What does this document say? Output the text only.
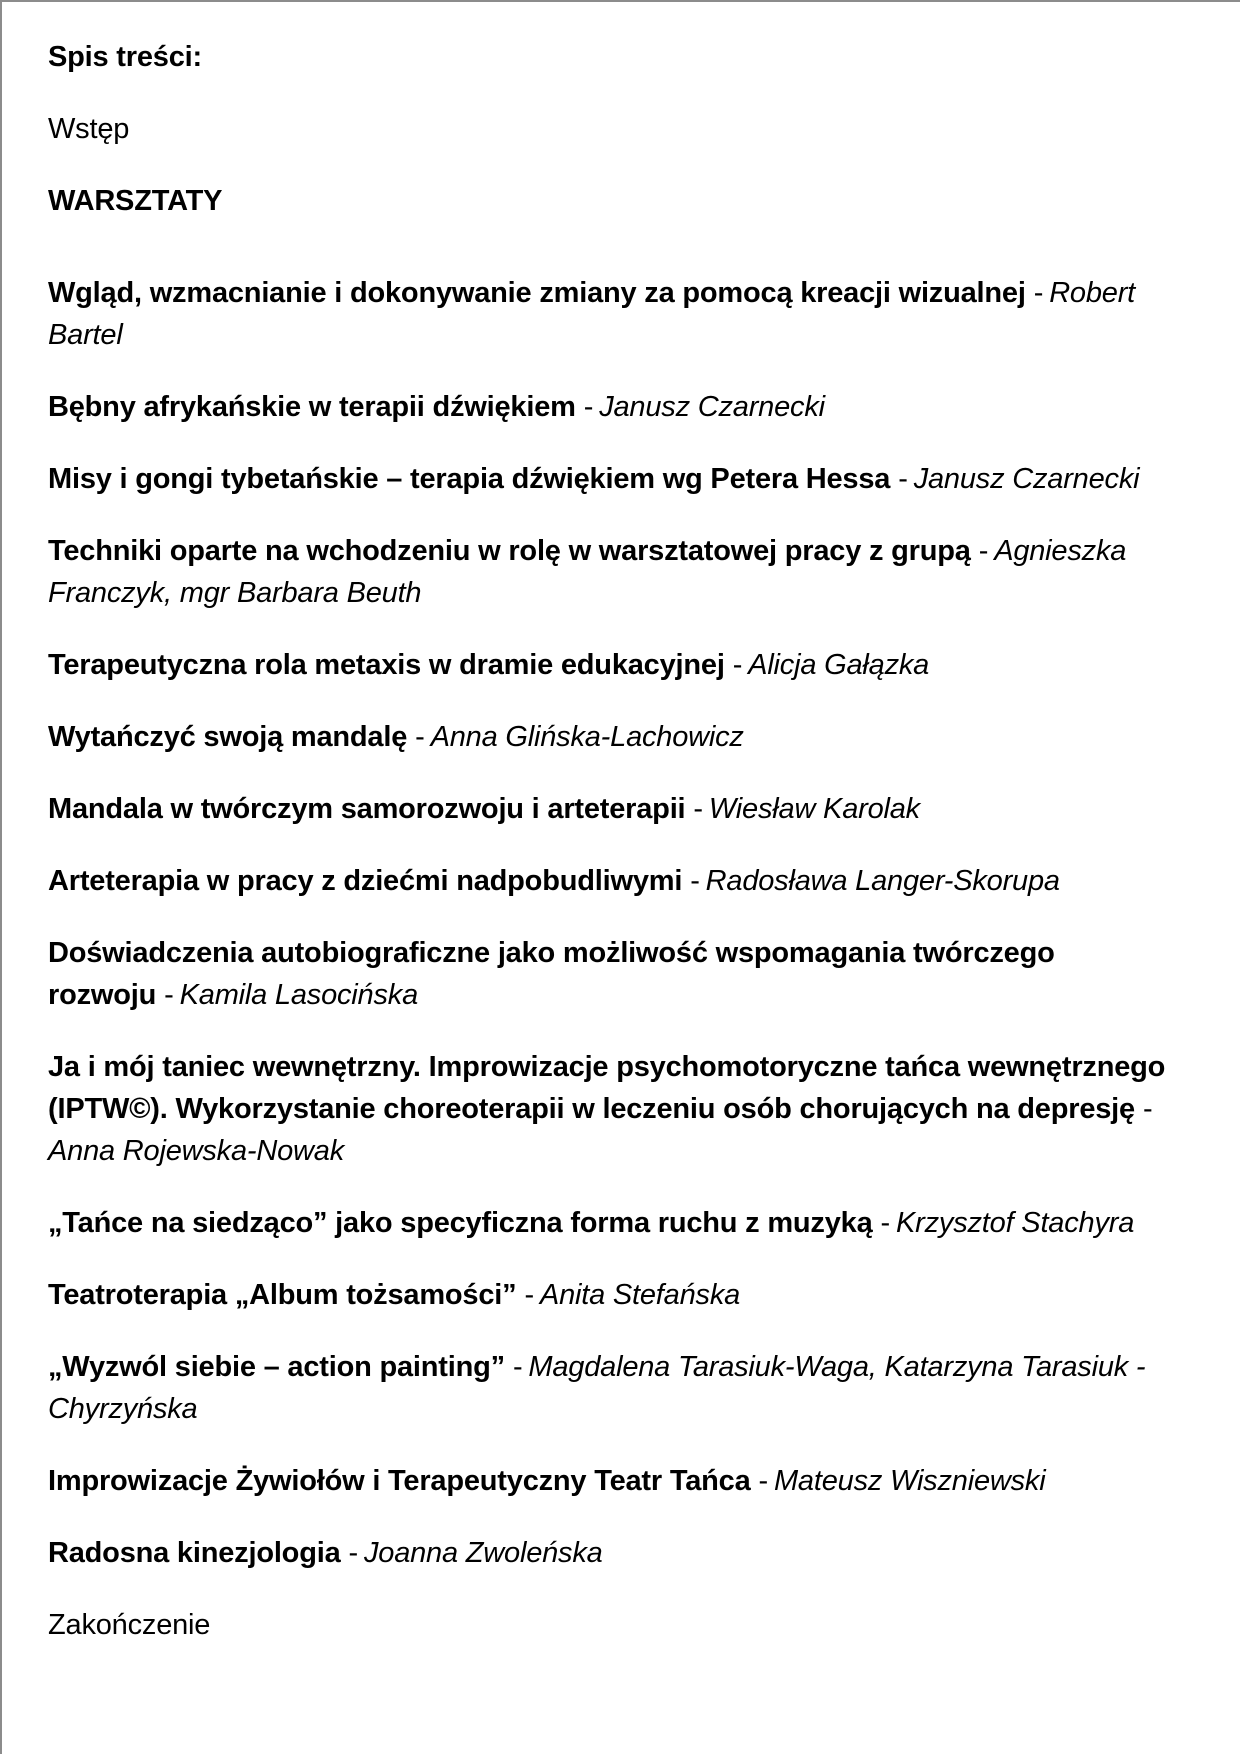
Spis treści:

Wstęp

WARSZTATY

Wgląd, wzmacnianie i dokonywanie zmiany za pomocą kreacji wizualnej - Robert Bartel

Bębny afrykańskie w terapii dźwiękiem - Janusz Czarnecki

Misy i gongi tybetańskie – terapia dźwiękiem wg Petera Hessa - Janusz Czarnecki

Techniki oparte na wchodzeniu w rolę w warsztatowej pracy z grupą - Agnieszka Franczyk, mgr Barbara Beuth

Terapeutyczna rola metaxis w dramie edukacyjnej - Alicja Gałązka

Wytańczyć swoją mandalę - Anna Glińska-Lachowicz

Mandala w twórczym samorozwoju i arteterapii - Wiesław Karolak

Arteterapia w pracy z dziećmi nadpobudliwymi - Radosława Langer-Skorupa

Doświadczenia autobiograficzne jako możliwość wspomagania twórczego rozwoju - Kamila Lasocińska

Ja i mój taniec wewnętrzny. Improwizacje psychomotoryczne tańca wewnętrznego (IPTW©). Wykorzystanie choreoterapii w leczeniu osób chorujących na depresję -Anna Rojewska-Nowak

„Tańce na siedząco” jako specyficzna forma ruchu z muzyką - Krzysztof Stachyra

Teatroterapia „Album tożsamości” - Anita Stefańska

„Wyzwól siebie – action painting” - Magdalena Tarasiuk-Waga, Katarzyna Tarasiuk -Chyrzyńska

Improwizacje Żywiołów i Terapeutyczny Teatr Tańca - Mateusz Wiszniewski

Radosna kinezjologia - Joanna Zwoleńska

Zakończenie
